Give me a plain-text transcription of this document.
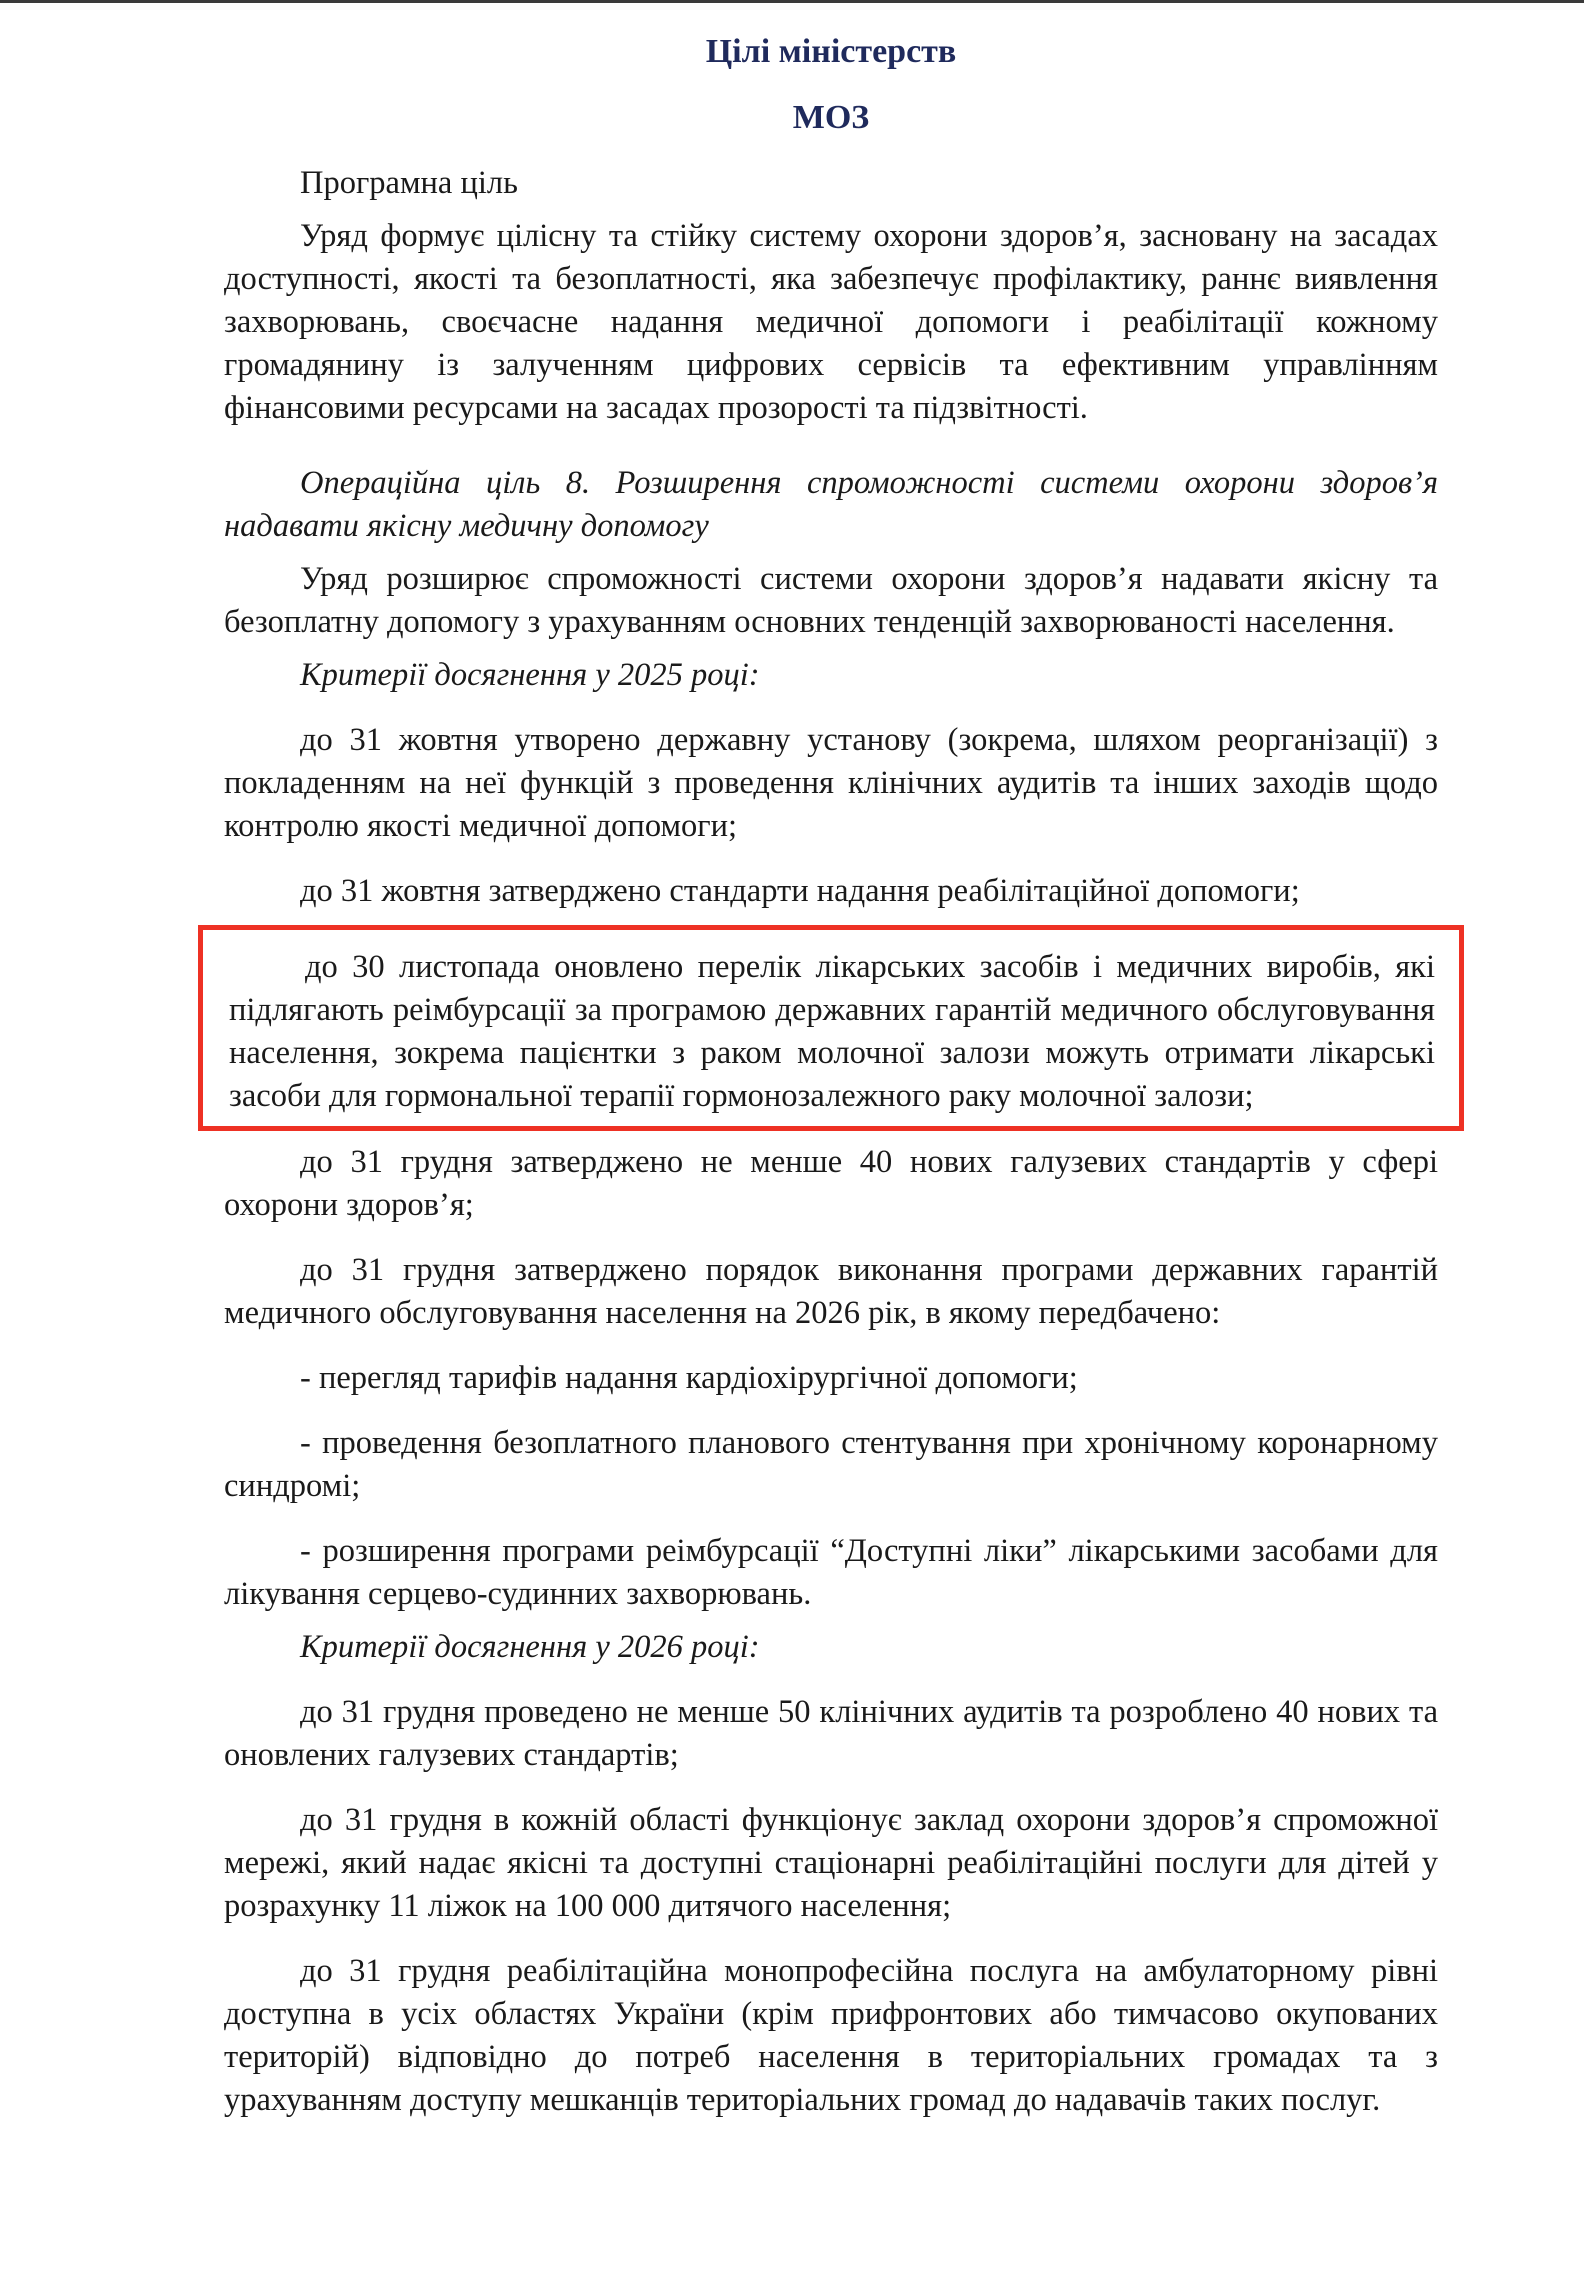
Цілі міністерств
МОЗ

Програмна ціль

Уряд формує цілісну та стійку систему охорони здоров’я, засновану на засадах доступності, якості та безоплатності, яка забезпечує профілактику, раннє виявлення захворювань, своєчасне надання медичної допомоги і реабілітації кожному громадянину із залученням цифрових сервісів та ефективним управлінням фінансовими ресурсами на засадах прозорості та підзвітності.

Операційна ціль 8. Розширення спроможності системи охорони здоров’я надавати якісну медичну допомогу

Уряд розширює спроможності системи охорони здоров’я надавати якісну та безоплатну допомогу з урахуванням основних тенденцій захворюваності населення.

Критерії досягнення у 2025 році:

до 31 жовтня утворено державну установу (зокрема, шляхом реорганізації) з покладенням на неї функцій з проведення клінічних аудитів та інших заходів щодо контролю якості медичної допомоги;

до 31 жовтня затверджено стандарти надання реабілітаційної допомоги;

до 30 листопада оновлено перелік лікарських засобів і медичних виробів, які підлягають реімбурсації за програмою державних гарантій медичного обслуговування населення, зокрема пацієнтки з раком молочної залози можуть отримати лікарські засоби для гормональної терапії гормонозалежного раку молочної залози;

до 31 грудня затверджено не менше 40 нових галузевих стандартів у сфері охорони здоров’я;

до 31 грудня затверджено порядок виконання програми державних гарантій медичного обслуговування населення на 2026 рік, в якому передбачено:

- перегляд тарифів надання кардіохірургічної допомоги;

- проведення безоплатного планового стентування при хронічному коронарному синдромі;

- розширення програми реімбурсації “Доступні ліки” лікарськими засобами для лікування серцево-судинних захворювань.

Критерії досягнення у 2026 році:

до 31 грудня проведено не менше 50 клінічних аудитів та розроблено 40 нових та оновлених галузевих стандартів;

до 31 грудня в кожній області функціонує заклад охорони здоров’я спроможної мережі, який надає якісні та доступні стаціонарні реабілітаційні послуги для дітей у розрахунку 11 ліжок на 100 000 дитячого населення;

до 31 грудня реабілітаційна монопрофесійна послуга на амбулаторному рівні доступна в усіх областях України (крім прифронтових або тимчасово окупованих територій) відповідно до потреб населення в територіальних громадах та з урахуванням доступу мешканців територіальних громад до надавачів таких послуг.
